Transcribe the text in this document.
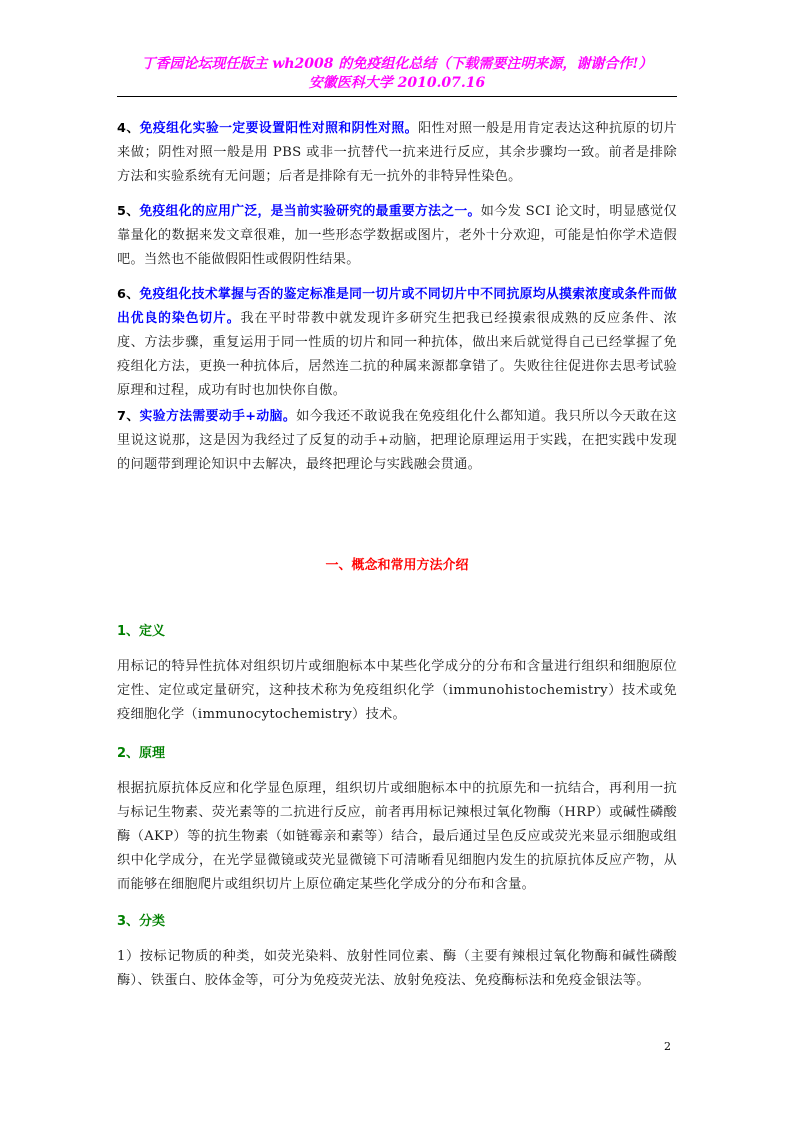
丁香园论坛现任版主 wh2008 的免疫组化总结（下载需要注明来源，谢谢合作!）
安徽医科大学 2010.07.16
4、免疫组化实验一定要设置阳性对照和阴性对照。阳性对照一般是用肯定表达这种抗原的切片来做；阴性对照一般是用 PBS 或非一抗替代一抗来进行反应，其余步骤均一致。前者是排除方法和实验系统有无问题；后者是排除有无一抗外的非特异性染色。
5、免疫组化的应用广泛，是当前实验研究的最重要方法之一。如今发 SCI 论文时，明显感觉仅靠量化的数据来发文章很难，加一些形态学数据或图片，老外十分欢迎，可能是怕你学术造假吧。当然也不能做假阳性或假阴性结果。
6、免疫组化技术掌握与否的鉴定标准是同一切片或不同切片中不同抗原均从摸索浓度或条件而做出优良的染色切片。我在平时带教中就发现许多研究生把我已经摸索很成熟的反应条件、浓度、方法步骤，重复运用于同一性质的切片和同一种抗体，做出来后就觉得自己已经掌握了免疫组化方法，更换一种抗体后，居然连二抗的种属来源都拿错了。失败往往促进你去思考试验原理和过程，成功有时也加快你自傲。
7、实验方法需要动手+动脑。如今我还不敢说我在免疫组化什么都知道。我只所以今天敢在这里说这说那，这是因为我经过了反复的动手+动脑，把理论原理运用于实践，在把实践中发现的问题带到理论知识中去解决，最终把理论与实践融会贯通。
一、概念和常用方法介绍
1、定义
用标记的特异性抗体对组织切片或细胞标本中某些化学成分的分布和含量进行组织和细胞原位定性、定位或定量研究，这种技术称为免疫组织化学（immunohistochemistry）技术或免疫细胞化学（immunocytochemistry）技术。
2、原理
根据抗原抗体反应和化学显色原理，组织切片或细胞标本中的抗原先和一抗结合，再利用一抗与标记生物素、荧光素等的二抗进行反应，前者再用标记辣根过氧化物酶（HRP）或碱性磷酸酶（AKP）等的抗生物素（如链霉亲和素等）结合，最后通过呈色反应或荧光来显示细胞或组织中化学成分，在光学显微镜或荧光显微镜下可清晰看见细胞内发生的抗原抗体反应产物，从而能够在细胞爬片或组织切片上原位确定某些化学成分的分布和含量。
3、分类
1）按标记物质的种类，如荧光染料、放射性同位素、酶（主要有辣根过氧化物酶和碱性磷酸酶）、铁蛋白、胶体金等，可分为免疫荧光法、放射免疫法、免疫酶标法和免疫金银法等。
2
